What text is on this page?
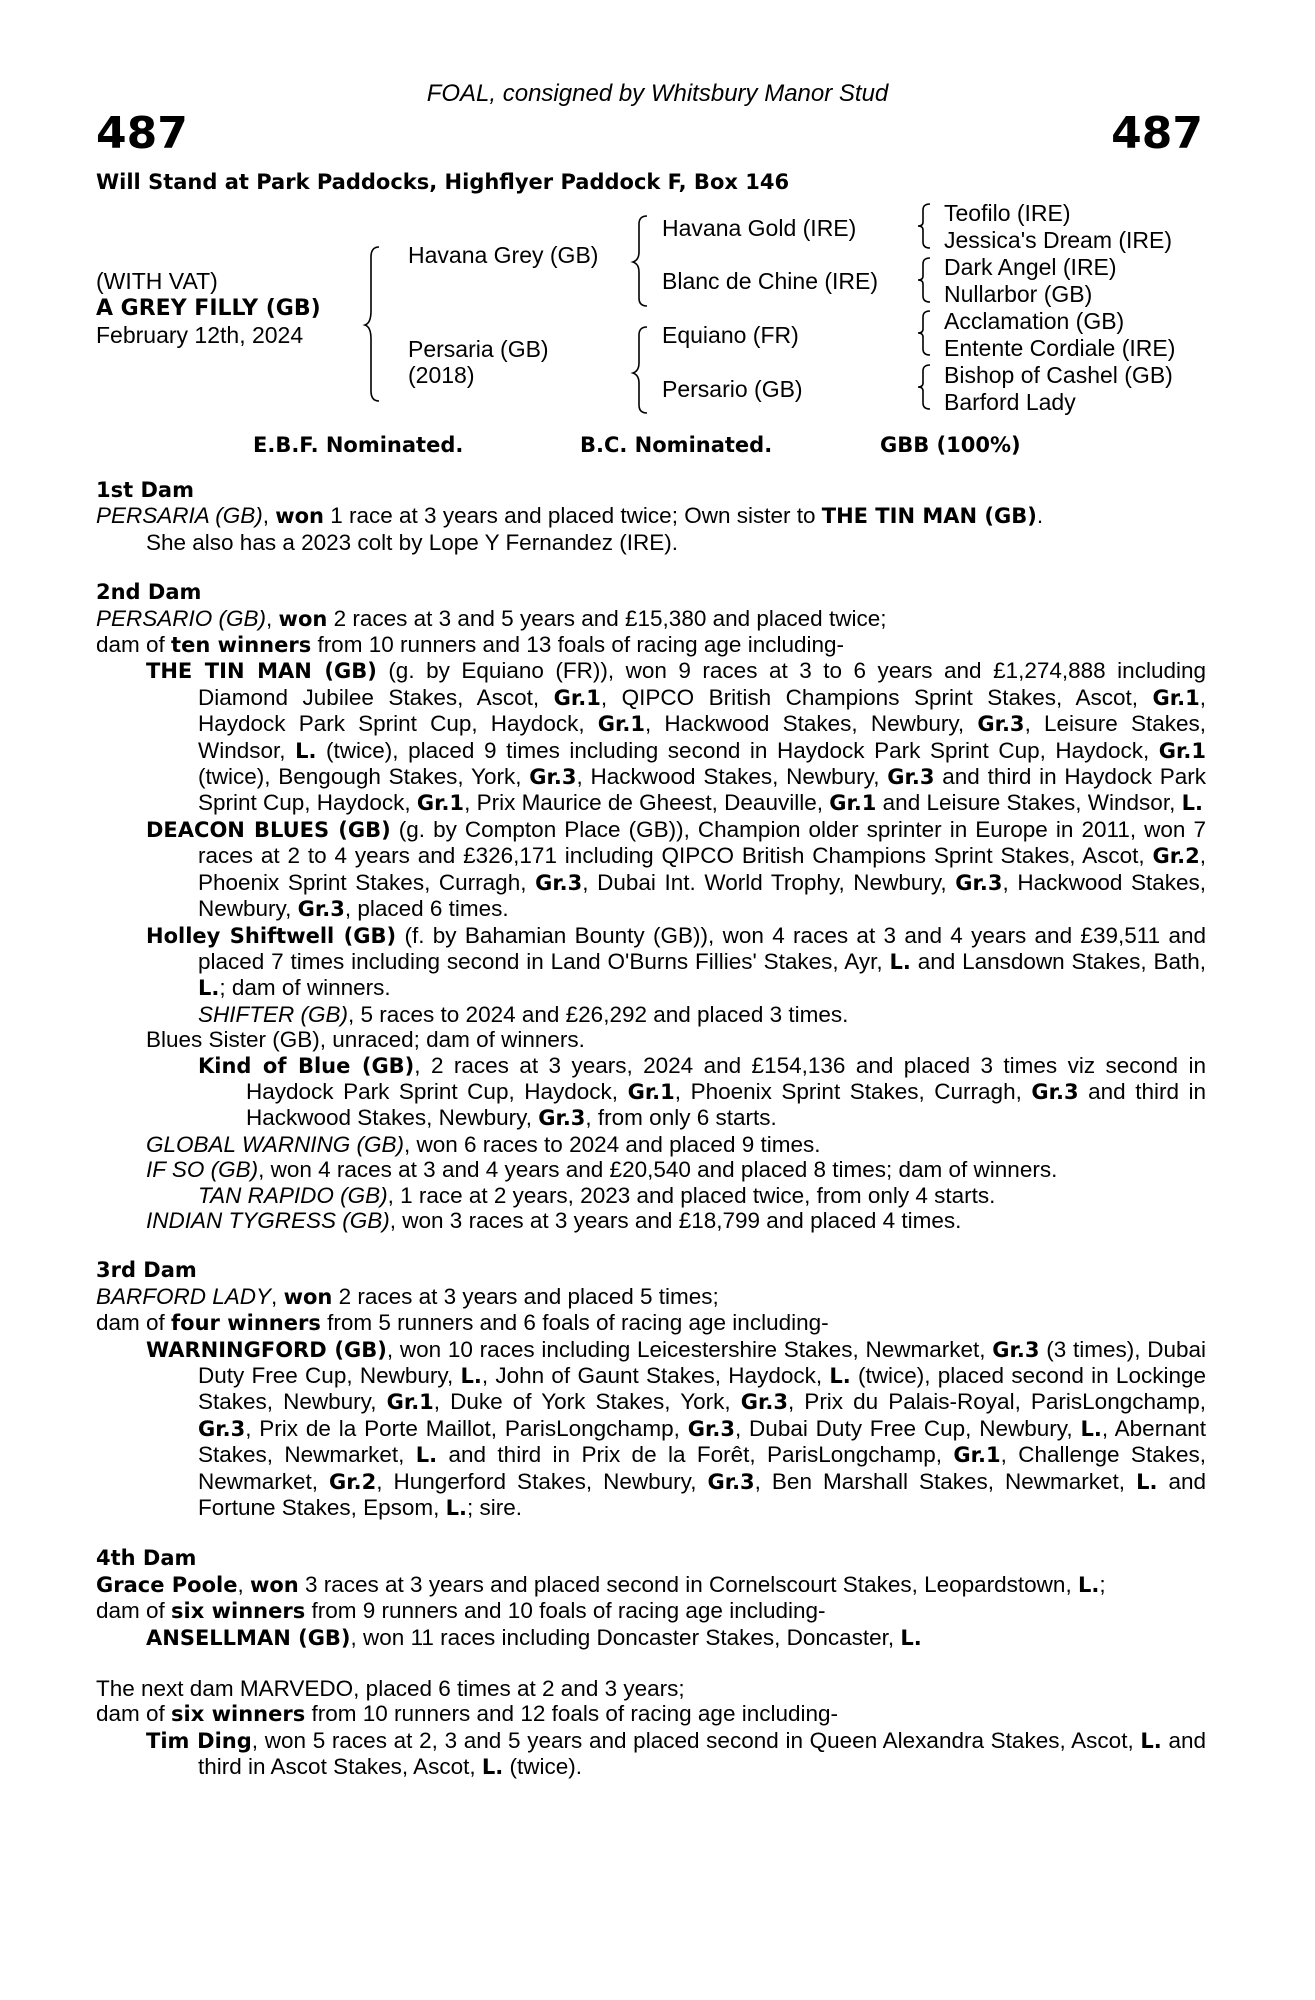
FOAL, consigned by Whitsbury Manor Stud
487	487
Will Stand at Park Paddocks, Highflyer Paddock F, Box 146
(WITH VAT)
A GREY FILLY (GB)
February 12th, 2024
Havana Grey (GB)
Persaria (GB)
(2018)
Havana Gold (IRE)
Blanc de Chine (IRE)
Equiano (FR)
Persario (GB)
Teofilo (IRE)
Jessica's Dream (IRE)
Dark Angel (IRE)
Nullarbor (GB)
Acclamation (GB)
Entente Cordiale (IRE)
Bishop of Cashel (GB)
Barford Lady
E.B.F. Nominated.	B.C. Nominated.	GBB (100%)

1st Dam

PERSARIA (GB), won 1 race at 3 years and placed twice; Own sister to THE TIN MAN (GB).

She also has a 2023 colt by Lope Y Fernandez (IRE).

2nd Dam

PERSARIO (GB), won 2 races at 3 and 5 years and £15,380 and placed twice;

dam of ten winners from 10 runners and 13 foals of racing age including-

THE TIN MAN (GB) (g. by Equiano (FR)), won 9 races at 3 to 6 years and £1,274,888 including Diamond Jubilee Stakes, Ascot, Gr.1, QIPCO British Champions Sprint Stakes, Ascot, Gr.1, Haydock Park Sprint Cup, Haydock, Gr.1, Hackwood Stakes, Newbury, Gr.3, Leisure Stakes, Windsor, L. (twice), placed 9 times including second in Haydock Park Sprint Cup, Haydock, Gr.1 (twice), Bengough Stakes, York, Gr.3, Hackwood Stakes, Newbury, Gr.3 and third in Haydock Park Sprint Cup, Haydock, Gr.1, Prix Maurice de Gheest, Deauville, Gr.1 and Leisure Stakes, Windsor, L.

DEACON BLUES (GB) (g. by Compton Place (GB)), Champion older sprinter in Europe in 2011, won 7 races at 2 to 4 years and £326,171 including QIPCO British Champions Sprint Stakes, Ascot, Gr.2, Phoenix Sprint Stakes, Curragh, Gr.3, Dubai Int. World Trophy, Newbury, Gr.3, Hackwood Stakes, Newbury, Gr.3, placed 6 times.

Holley Shiftwell (GB) (f. by Bahamian Bounty (GB)), won 4 races at 3 and 4 years and £39,511 and placed 7 times including second in Land O'Burns Fillies' Stakes, Ayr, L. and Lansdown Stakes, Bath, L.; dam of winners.

SHIFTER (GB), 5 races to 2024 and £26,292 and placed 3 times.

Blues Sister (GB), unraced; dam of winners.

Kind of Blue (GB), 2 races at 3 years, 2024 and £154,136 and placed 3 times viz second in Haydock Park Sprint Cup, Haydock, Gr.1, Phoenix Sprint Stakes, Curragh, Gr.3 and third in Hackwood Stakes, Newbury, Gr.3, from only 6 starts.

GLOBAL WARNING (GB), won 6 races to 2024 and placed 9 times.

IF SO (GB), won 4 races at 3 and 4 years and £20,540 and placed 8 times; dam of winners.

TAN RAPIDO (GB), 1 race at 2 years, 2023 and placed twice, from only 4 starts.

INDIAN TYGRESS (GB), won 3 races at 3 years and £18,799 and placed 4 times.

3rd Dam

BARFORD LADY, won 2 races at 3 years and placed 5 times;

dam of four winners from 5 runners and 6 foals of racing age including-

WARNINGFORD (GB), won 10 races including Leicestershire Stakes, Newmarket, Gr.3 (3 times), Dubai Duty Free Cup, Newbury, L., John of Gaunt Stakes, Haydock, L. (twice), placed second in Lockinge Stakes, Newbury, Gr.1, Duke of York Stakes, York, Gr.3, Prix du Palais-Royal, ParisLongchamp, Gr.3, Prix de la Porte Maillot, ParisLongchamp, Gr.3, Dubai Duty Free Cup, Newbury, L., Abernant Stakes, Newmarket, L. and third in Prix de la Forêt, ParisLongchamp, Gr.1, Challenge Stakes, Newmarket, Gr.2, Hungerford Stakes, Newbury, Gr.3, Ben Marshall Stakes, Newmarket, L. and Fortune Stakes, Epsom, L.; sire.

4th Dam

Grace Poole, won 3 races at 3 years and placed second in Cornelscourt Stakes, Leopardstown, L.;

dam of six winners from 9 runners and 10 foals of racing age including-

ANSELLMAN (GB), won 11 races including Doncaster Stakes, Doncaster, L.

The next dam MARVEDO, placed 6 times at 2 and 3 years;

dam of six winners from 10 runners and 12 foals of racing age including-

Tim Ding, won 5 races at 2, 3 and 5 years and placed second in Queen Alexandra Stakes, Ascot, L. and third in Ascot Stakes, Ascot, L. (twice).
